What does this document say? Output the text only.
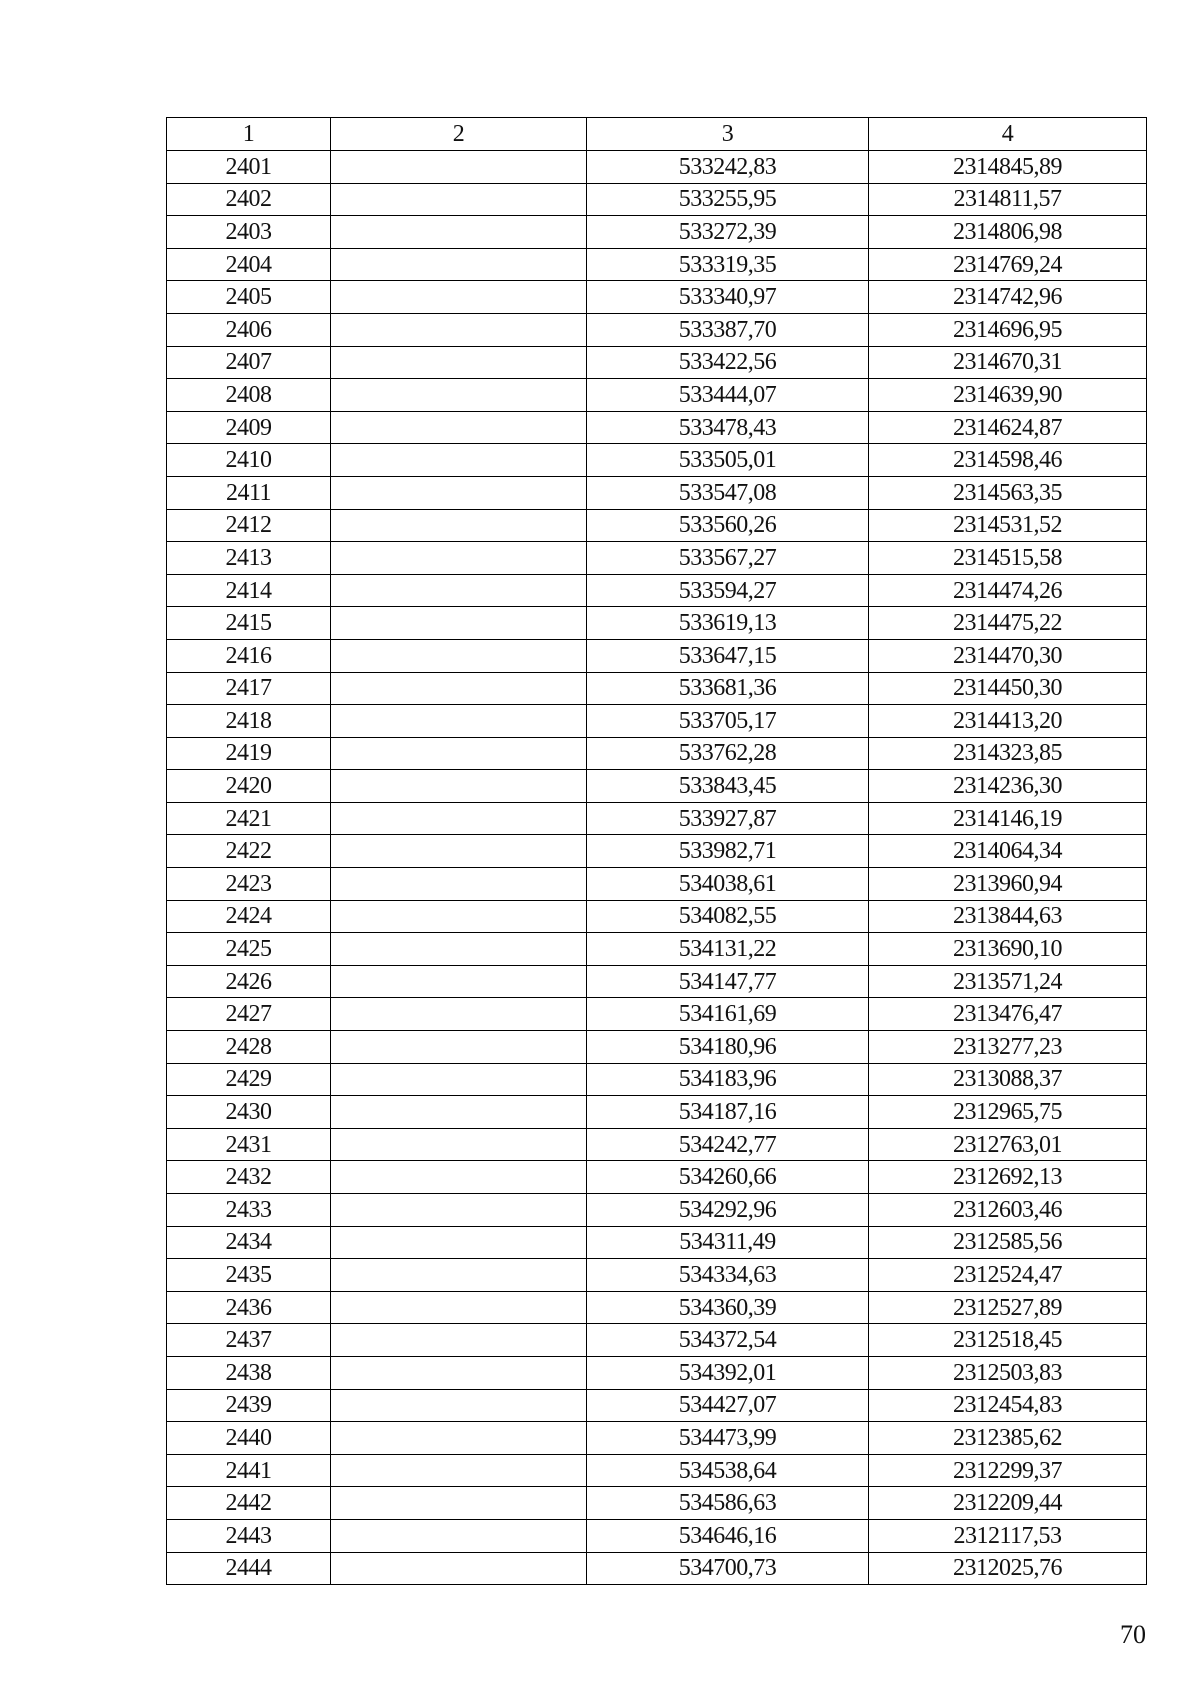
1	2	3	4
2401		533242,83	2314845,89
2402		533255,95	2314811,57
2403		533272,39	2314806,98
2404		533319,35	2314769,24
2405		533340,97	2314742,96
2406		533387,70	2314696,95
2407		533422,56	2314670,31
2408		533444,07	2314639,90
2409		533478,43	2314624,87
2410		533505,01	2314598,46
2411		533547,08	2314563,35
2412		533560,26	2314531,52
2413		533567,27	2314515,58
2414		533594,27	2314474,26
2415		533619,13	2314475,22
2416		533647,15	2314470,30
2417		533681,36	2314450,30
2418		533705,17	2314413,20
2419		533762,28	2314323,85
2420		533843,45	2314236,30
2421		533927,87	2314146,19
2422		533982,71	2314064,34
2423		534038,61	2313960,94
2424		534082,55	2313844,63
2425		534131,22	2313690,10
2426		534147,77	2313571,24
2427		534161,69	2313476,47
2428		534180,96	2313277,23
2429		534183,96	2313088,37
2430		534187,16	2312965,75
2431		534242,77	2312763,01
2432		534260,66	2312692,13
2433		534292,96	2312603,46
2434		534311,49	2312585,56
2435		534334,63	2312524,47
2436		534360,39	2312527,89
2437		534372,54	2312518,45
2438		534392,01	2312503,83
2439		534427,07	2312454,83
2440		534473,99	2312385,62
2441		534538,64	2312299,37
2442		534586,63	2312209,44
2443		534646,16	2312117,53
2444		534700,73	2312025,76
70
